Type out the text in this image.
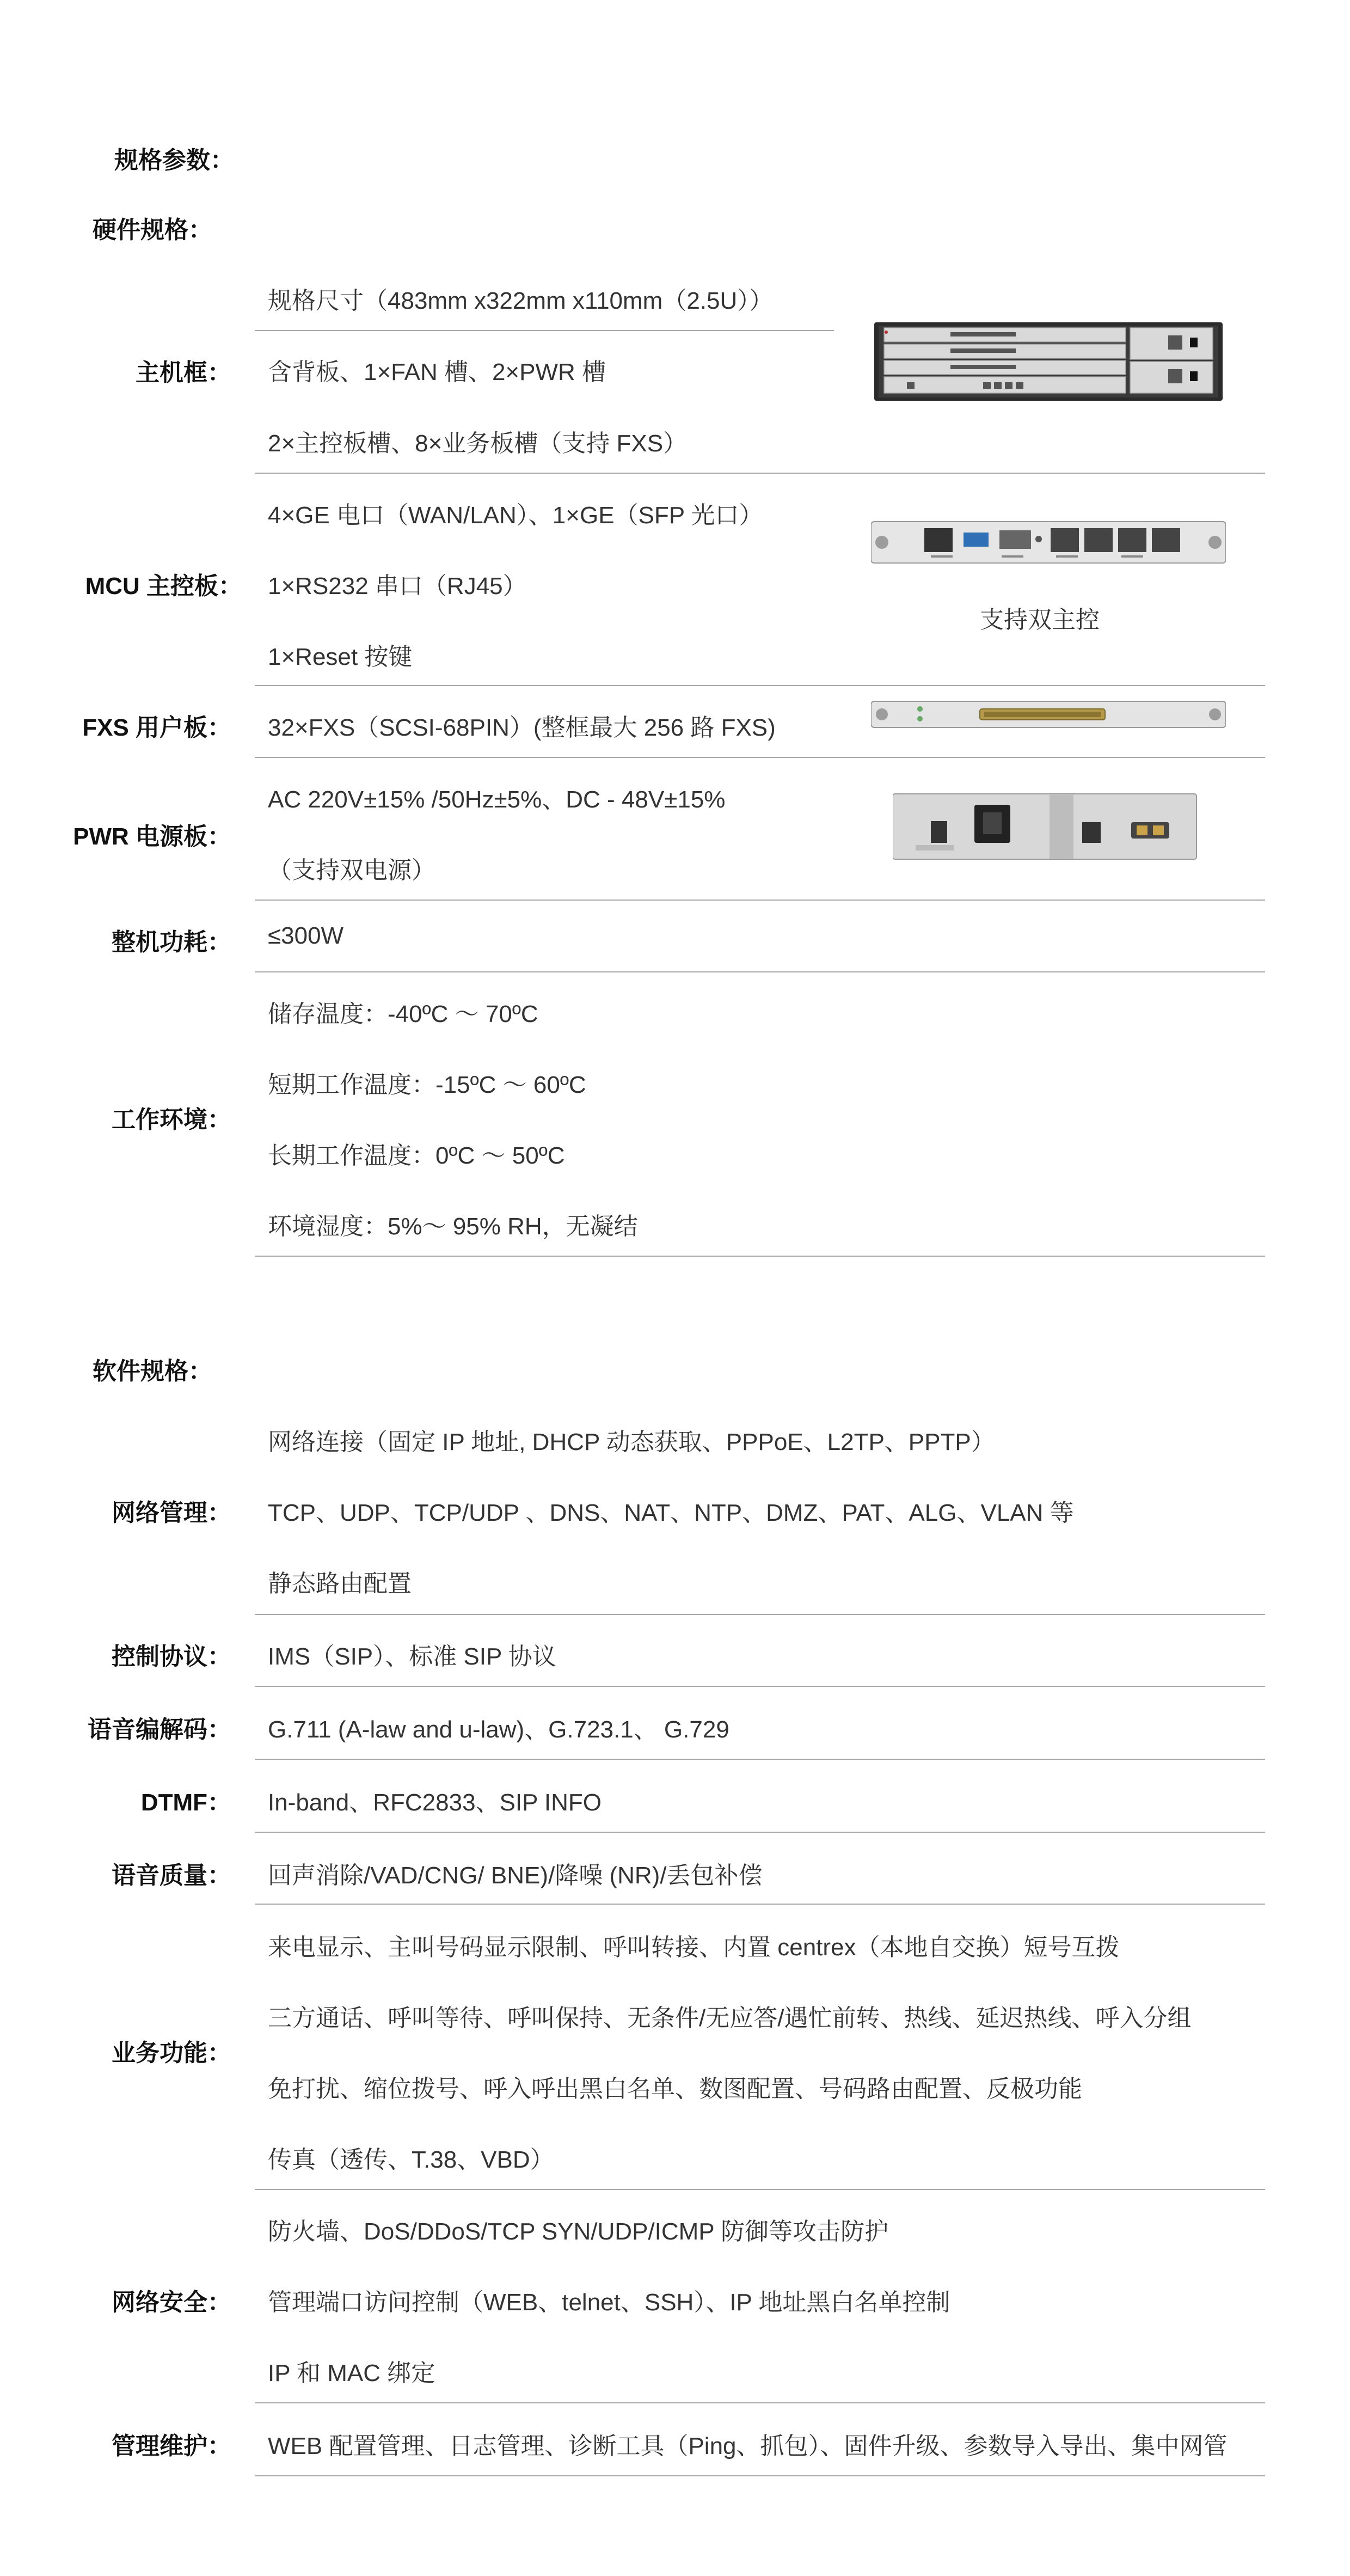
规格参数：
硬件规格：
主机框：
规格尺寸（483mm x322mm x110mm（2.5U））
含背板、1×FAN 槽、2×PWR 槽
2×主控板槽、8×业务板槽（支持 FXS）
MCU 主控板：
4×GE 电口（WAN/LAN）、1×GE（SFP 光口）
1×RS232 串口（RJ45）
1×Reset 按键
支持双主控
FXS 用户板： 32×FXS（SCSI-68PIN）(整框最大 256 路 FXS)
PWR 电源板：
AC 220V±15% /50Hz±5%、DC - 48V±15%
（支持双电源）
整机功耗： ≤300W
工作环境：
储存温度：-40ºC ～ 70ºC
短期工作温度：-15ºC ～ 60ºC
长期工作温度：0ºC ～ 50ºC
环境湿度：5%～ 95% RH，无凝结
软件规格：
网络管理：
网络连接（固定 IP 地址, DHCP 动态获取、PPPoE、L2TP、PPTP）
TCP、UDP、TCP/UDP 、DNS、NAT、NTP、DMZ、PAT、ALG、VLAN 等
静态路由配置
控制协议： IMS（SIP）、标准 SIP 协议
语音编解码： G.711 (A-law and u-law)、G.723.1、 G.729
DTMF： In-band、RFC2833、SIP INFO
语音质量： 回声消除/VAD/CNG/ BNE)/降噪 (NR)/丢包补偿
业务功能：
来电显示、主叫号码显示限制、呼叫转接、内置 centrex（本地自交换）短号互拨
三方通话、呼叫等待、呼叫保持、无条件/无应答/遇忙前转、热线、延迟热线、呼入分组
免打扰、缩位拨号、呼入呼出黑白名单、数图配置、号码路由配置、反极功能
传真（透传、T.38、VBD）
网络安全：
防火墙、DoS/DDoS/TCP SYN/UDP/ICMP 防御等攻击防护
管理端口访问控制（WEB、telnet、SSH）、IP 地址黑白名单控制
IP 和 MAC 绑定
管理维护： WEB 配置管理、日志管理、诊断工具（Ping、抓包）、固件升级、参数导入导出、集中网管
